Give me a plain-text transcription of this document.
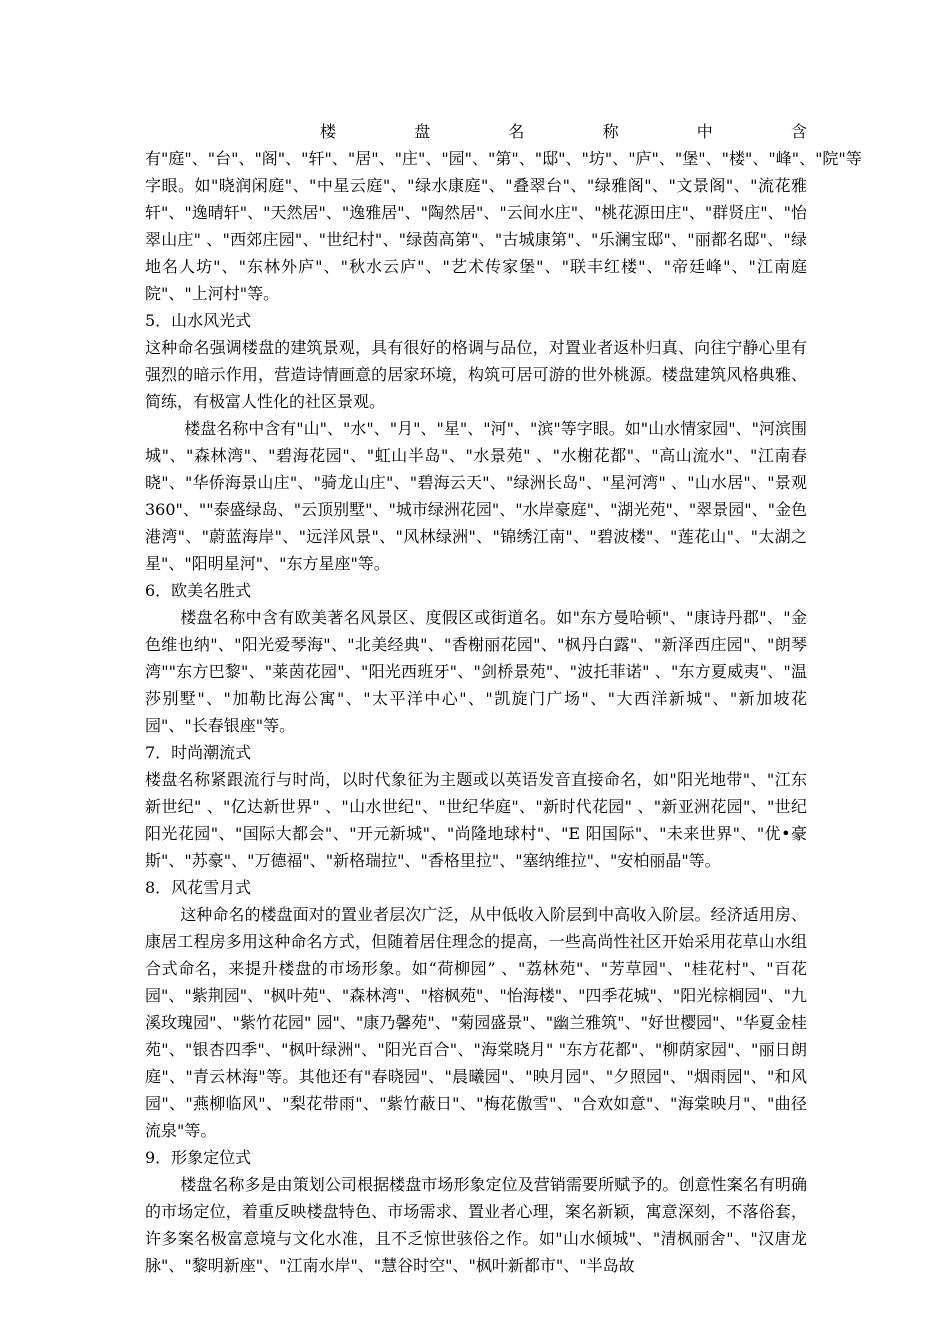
楼	盘	名	称	中	含

有"庭"、"台"、"阁"、"轩"、"居"、"庄"、"园"、"第"、"邸"、"坊"、"庐"、"堡"、"楼"、"峰"、"院"等字眼。如"晓润闲庭"、"中星云庭"、"绿水康庭"、"叠翠台"、"绿雅阁"、"文景阁"、"流花雅轩"、"逸晴轩"、"天然居"、"逸雅居"、"陶然居"、"云间水庄"、"桃花源田庄"、"群贤庄"、"怡翠山庄" 、"西郊庄园"、"世纪村"、"绿茵高第"、"古城康第"、"乐澜宝邸"、"丽都名邸"、"绿地名人坊"、"东林外庐"、"秋水云庐"、"艺术传家堡"、"联丰红楼"、"帝廷峰"、"江南庭院"、"上河村"等。

5．山水风光式

这种命名强调楼盘的建筑景观，具有很好的格调与品位，对置业者返朴归真、向往宁静心里有强烈的暗示作用，营造诗情画意的居家环境，构筑可居可游的世外桃源。楼盘建筑风格典雅、简练，有极富人性化的社区景观。

楼盘名称中含有"山"、"水"、"月"、"星"、"河"、"滨"等字眼。如"山水情家园"、"河滨围城"、"森林湾"、"碧海花园"、"虹山半岛"、"水景苑" 、"水榭花都"、"高山流水"、"江南春晓"、"华侨海景山庄"、"骑龙山庄"、"碧海云天"、"绿洲长岛"、"星河湾" 、"山水居"、"景观 360"、""泰盛绿岛、"云顶别墅"、"城市绿洲花园"、"水岸豪庭"、"湖光苑"、"翠景园"、"金色港湾"、"蔚蓝海岸"、"远洋风景"、"风林绿洲"、"锦绣江南"、"碧波楼"、"莲花山"、"太湖之星"、"阳明星河"、"东方星座"等。

6．欧美名胜式

楼盘名称中含有欧美著名风景区、度假区或街道名。如"东方曼哈顿"、"康诗丹郡"、"金色维也纳"、"阳光爱琴海"、"北美经典"、"香榭丽花园"、"枫丹白露"、"新泽西庄园"、"朗琴湾""东方巴黎"、"莱茵花园"、"阳光西班牙"、"剑桥景苑"、"波托菲诺" 、"东方夏威夷"、"温莎别墅"、"加勒比海公寓"、"太平洋中心"、"凯旋门广场"、"大西洋新城"、"新加坡花园"、"长春银座"等。

7．时尚潮流式

楼盘名称紧跟流行与时尚，以时代象征为主题或以英语发音直接命名，如"阳光地带"、"江东新世纪" 、"亿达新世界" 、"山水世纪"、"世纪华庭"、"新时代花园" 、"新亚洲花园"、"世纪阳光花园"、"国际大都会"、"开元新城"、"尚隆地球村"、"E 阳国际"、"未来世界"、"优•豪斯"、"苏豪"、"万德福"、"新格瑞拉"、"香格里拉"、"塞纳维拉"、"安柏丽晶"等。

8．风花雪月式

这种命名的楼盘面对的置业者层次广泛，从中低收入阶层到中高收入阶层。经济适用房、康居工程房多用这种命名方式，但随着居住理念的提高，一些高尚性社区开始采用花草山水组合式命名，来提升楼盘的市场形象。如“荷柳园” 、"荔林苑"、"芳草园"、"桂花村"、"百花园"、"紫荆园"、"枫叶苑"、"森林湾"、"榕枫苑"、"怡海楼"、"四季花城"、"阳光棕榈园"、"九溪玫瑰园"、"紫竹花园" 园"、"康乃馨苑"、"菊园盛景"、"幽兰雅筑"、"好世樱园"、"华夏金桂苑"、"银杏四季"、"枫叶绿洲"、"阳光百合"、"海棠晓月" "东方花都"、"柳荫家园"、"丽日朗庭"、"青云林海"等。其他还有"春晓园"、"晨曦园"、"映月园"、"夕照园"、"烟雨园"、"和风园"、"燕柳临风"、"梨花带雨"、"紫竹蔽日"、"梅花傲雪"、"合欢如意"、"海棠映月"、"曲径流泉"等。

9．形象定位式

楼盘名称多是由策划公司根据楼盘市场形象定位及营销需要所赋予的。创意性案名有明确的市场定位，着重反映楼盘特色、市场需求、置业者心理，案名新颖，寓意深刻，不落俗套，许多案名极富意境与文化水准，且不乏惊世骇俗之作。如"山水倾城"、"清枫丽舍"、"汉唐龙脉"、"黎明新座"、"江南水岸"、"慧谷时空"、"枫叶新都市"、"半岛故
